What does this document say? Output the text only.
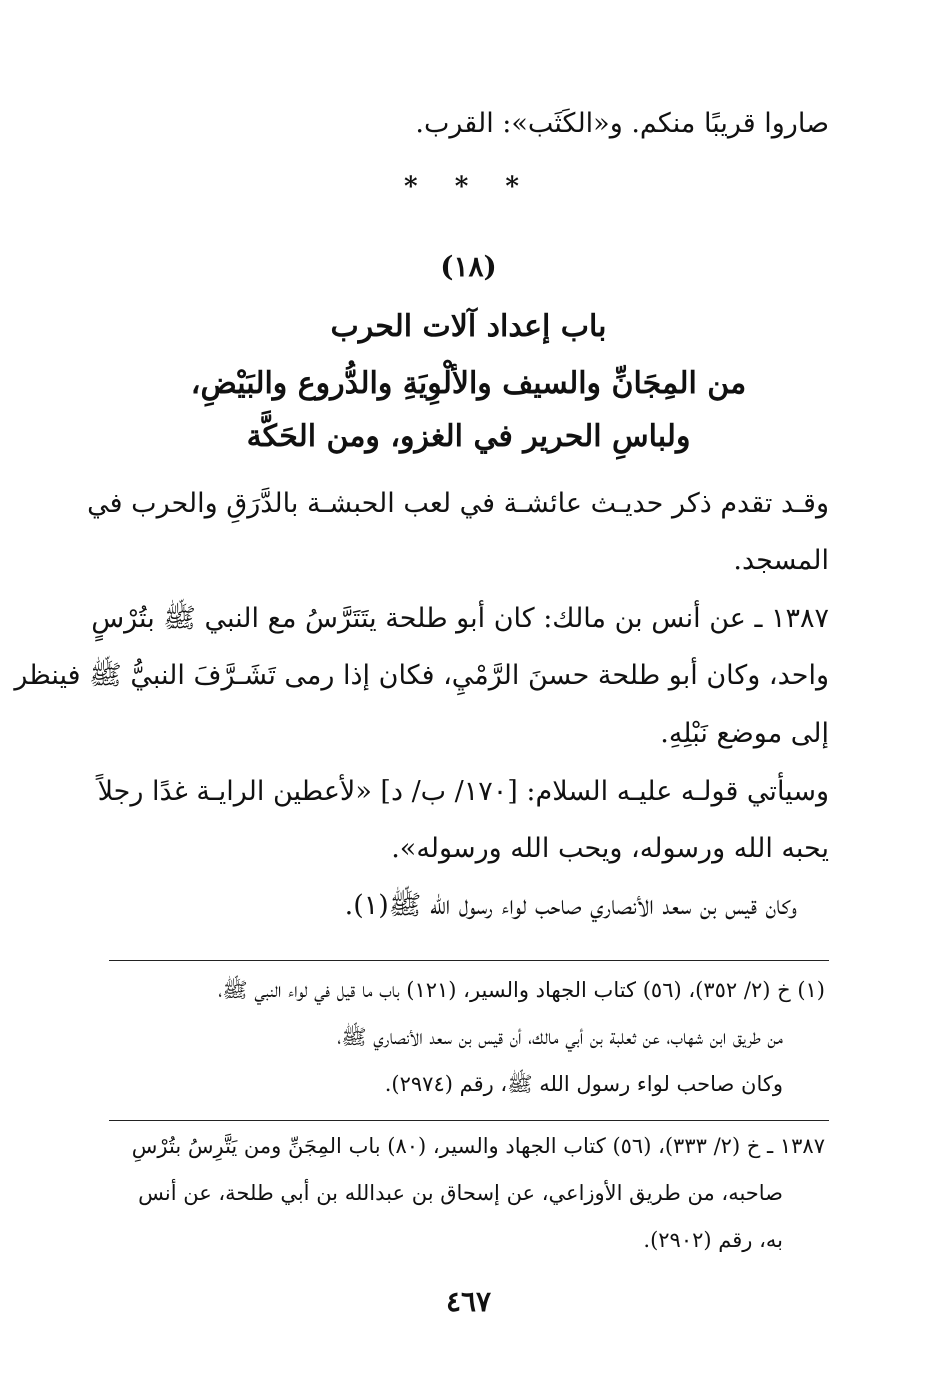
صاروا قريبًا منكم. و«الكَثَب»: القرب.
* * *
(١٨)
باب إعداد آلات الحرب
من المِجَانِّ والسيف والألْوِيَةِ والدُّروع والبَيْضِ،
ولباسِ الحرير في الغزو، ومن الحَكَّة
وقـد تقدم ذكر حديـث عائشـة في لعب الحبشـة بالدَّرَقِ والحرب في
المسجد.
١٣٨٧ ـ عن أنس بن مالك: كان أبو طلحة يتَتَرَّسُ مع النبي ﷺ بتُرْسٍ
واحد، وكان أبو طلحة حسنَ الرَّمْيِ، فكان إذا رمى تَشَـرَّفَ النبيُّ ﷺ فينظر
إلى موضع نَبْلِهِ.
وسيأتي قولـه عليـه السلام: [١٧٠/ ب/ د] «لأعطين الرايـة غدًا رجلاً
يحبه الله ورسوله، ويحب الله ورسوله».
وكان قيس بن سعد الأنصاري صاحب لواء رسول الله ﷺ(١).
(١) خ (٢/ ٣٥٢)، (٥٦) كتاب الجهاد والسير، (١٢١) باب ما قيل في لواء النبي ﷺ،
من طريق ابن شهاب، عن ثعلبة بن أبي مالك، أن قيس بن سعد الأنصاري ﷺ،
وكان صاحب لواء رسول الله ﷺ، رقم (٢٩٧٤).
١٣٨٧ ـ خ (٢/ ٣٣٣)، (٥٦) كتاب الجهاد والسير، (٨٠) باب المِجَنِّ ومن يَتَّرِسُ بتُرْسِ
صاحبه، من طريق الأوزاعي، عن إسحاق بن عبدالله بن أبي طلحة، عن أنس
به، رقم (٢٩٠٢).
٤٦٧
